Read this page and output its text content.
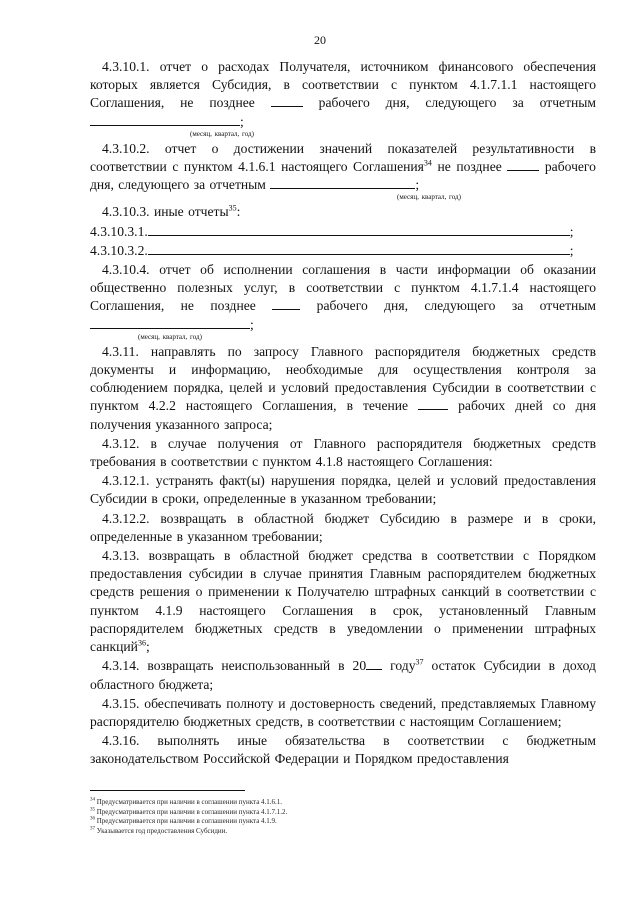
20

4.3.10.1. отчет о расходах Получателя, источником финансового обеспечения которых является Субсидия, в соответствии с пунктом 4.1.7.1.1 настоящего Соглашения, не позднее	рабочего дня, следующего за отчетным ;
(месяц, квартал, год)

4.3.10.2. отчет о достижении значений показателей результативности в соответствии с пунктом 4.1.6.1 настоящего Соглашения$^{34}$ не позднее	рабочего дня, следующего за отчетным	;
(месяц, квартал, год)

4.3.10.3. иные отчеты$^{35}$:

4.3.10.3.1.	;

4.3.10.3.2.	;

4.3.10.4. отчет об исполнении соглашения в части информации об оказании общественно полезных услуг, в соответствии с пунктом 4.1.7.1.4 настоящего Соглашения, не позднее	рабочего дня, следующего за отчетным ;
(месяц, квартал, год)

4.3.11. направлять по запросу Главного распорядителя бюджетных средств документы и информацию, необходимые для осуществления контроля за соблюдением порядка, целей и условий предоставления Субсидии в соответствии с пунктом 4.2.2 настоящего Соглашения, в течение	рабочих дней со дня получения указанного запроса;

4.3.12. в случае получения от Главного распорядителя бюджетных средств требования в соответствии с пунктом 4.1.8 настоящего Соглашения:

4.3.12.1. устранять факт(ы) нарушения порядка, целей и условий предоставления Субсидии в сроки, определенные в указанном требовании;

4.3.12.2. возвращать в областной бюджет Субсидию в размере и в сроки, определенные в указанном требовании;

4.3.13. возвращать в областной бюджет средства в соответствии с Порядком предоставления субсидии в случае принятия Главным распорядителем бюджетных средств решения о применении к Получателю штрафных санкций в соответствии с пунктом 4.1.9 настоящего Соглашения в срок, установленный Главным распорядителем бюджетных средств в уведомлении о применении штрафных санкций$^{36}$;

4.3.14. возвращать неиспользованный в 20 году$^{37}$ остаток Субсидии в доход областного бюджета;

4.3.15. обеспечивать полноту и достоверность сведений, представляемых Главному распорядителю бюджетных средств, в соответствии с настоящим Соглашением;

4.3.16. выполнять иные обязательства в соответствии с бюджетным законодательством Российской Федерации и Порядком предоставления

$^{34}$ Предусматривается при наличии в соглашении пункта 4.1.6.1.
$^{35}$ Предусматривается при наличии в соглашении пункта 4.1.7.1.2.
$^{36}$ Предусматривается при наличии в соглашении пункта 4.1.9.
$^{37}$ Указывается год предоставления Субсидии.
